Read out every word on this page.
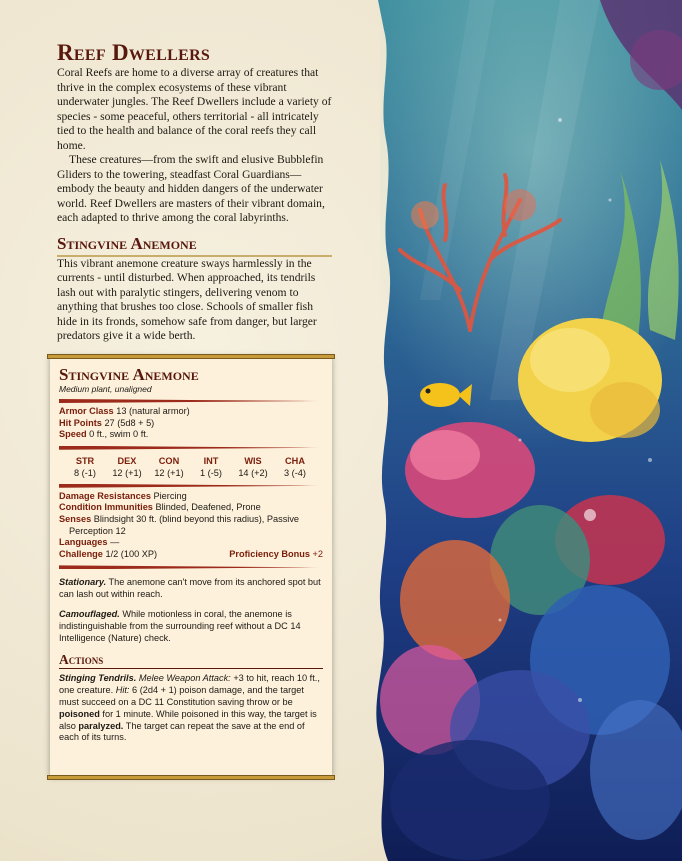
Reef Dwellers

Coral Reefs are home to a diverse array of creatures that thrive in the complex ecosystems of these vibrant underwater jungles. The Reef Dwellers include a variety of species - some peaceful, others territorial - all intricately tied to the health and balance of the coral reefs they call home.

These creatures—from the swift and elusive Bubblefin Gliders to the towering, steadfast Coral Guardians—embody the beauty and hidden dangers of the underwater world. Reef Dwellers are masters of their vibrant domain, each adapted to thrive among the coral labyrinths.

Stingvine Anemone

This vibrant anemone creature sways harmlessly in the currents - until disturbed. When approached, its tendrils lash out with paralytic stingers, delivering venom to anything that brushes too close. Schools of smaller fish hide in its fronds, somehow safe from danger, but larger predators give it a wide berth.

Stingvine Anemone
Medium plant, unaligned
Armor Class 13 (natural armor)
Hit Points 27 (5d8 + 5)
Speed 0 ft., swim 0 ft.
STR
8 (-1)
DEX
12 (+1)
CON
12 (+1)
INT
1 (-5)
WIS
14 (+2)
CHA
3 (-4)
Damage Resistances Piercing
Condition Immunities Blinded, Deafened, Prone
Senses Blindsight 30 ft. (blind beyond this radius), Passive Perception 12
Languages —
Challenge 1/2 (100 XP)	Proficiency Bonus +2
Stationary. The anemone can't move from its anchored spot but can lash out within reach.
Camouflaged. While motionless in coral, the anemone is indistinguishable from the surrounding reef without a DC 14 Intelligence (Nature) check.
Actions
Stinging Tendrils. Melee Weapon Attack: +3 to hit, reach 10 ft., one creature. Hit: 6 (2d4 + 1) poison damage, and the target must succeed on a DC 11 Constitution saving throw or be poisoned for 1 minute. While poisoned in this way, the target is also paralyzed. The target can repeat the save at the end of each of its turns.
